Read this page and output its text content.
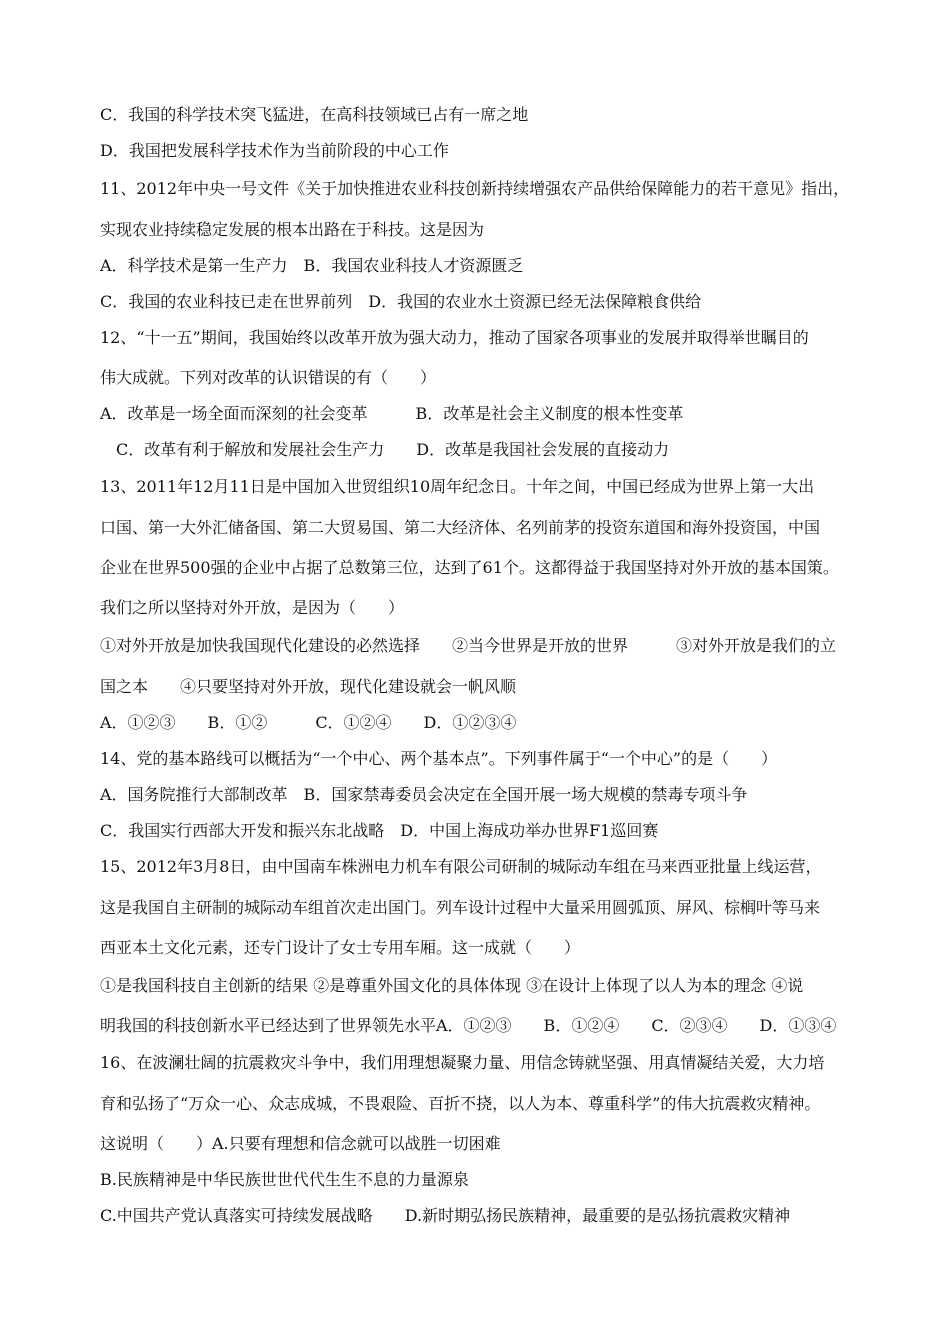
C．我国的科学技术突飞猛进，在高科技领域已占有一席之地
D．我国把发展科学技术作为当前阶段的中心工作
11、2012年中央一号文件《关于加快推进农业科技创新持续增强农产品供给保障能力的若干意见》指出，
实现农业持续稳定发展的根本出路在于科技。这是因为
A．科学技术是第一生产力　B．我国农业科技人才资源匮乏
C．我国的农业科技已走在世界前列　D．我国的农业水土资源已经无法保障粮食供给
12、“十一五”期间，我国始终以改革开放为强大动力，推动了国家各项事业的发展并取得举世瞩目的
伟大成就。下列对改革的认识错误的有（　　）
A．改革是一场全面而深刻的社会变革　　　B．改革是社会主义制度的根本性变革
　C．改革有利于解放和发展社会生产力　　D．改革是我国社会发展的直接动力
13、2011年12月11日是中国加入世贸组织10周年纪念日。十年之间，中国已经成为世界上第一大出
口国、第一大外汇储备国、第二大贸易国、第二大经济体、名列前茅的投资东道国和海外投资国，中国
企业在世界500强的企业中占据了总数第三位，达到了61个。这都得益于我国坚持对外开放的基本国策。
我们之所以坚持对外开放，是因为（　　）
①对外开放是加快我国现代化建设的必然选择　　②当今世界是开放的世界　　　③对外开放是我们的立
国之本　　④只要坚持对外开放，现代化建设就会一帆风顺
A．①②③　　B．①②　　　C．①②④　　D．①②③④
14、党的基本路线可以概括为“一个中心、两个基本点”。下列事件属于“一个中心”的是（　　）
A．国务院推行大部制改革　B．国家禁毒委员会决定在全国开展一场大规模的禁毒专项斗争
C．我国实行西部大开发和振兴东北战略　D．中国上海成功举办世界F1巡回赛
15、2012年3月8日，由中国南车株洲电力机车有限公司研制的城际动车组在马来西亚批量上线运营，
这是我国自主研制的城际动车组首次走出国门。列车设计过程中大量采用圆弧顶、屏风、棕榈叶等马来
西亚本土文化元素，还专门设计了女士专用车厢。这一成就（　　）
①是我国科技自主创新的结果 ②是尊重外国文化的具体体现 ③在设计上体现了以人为本的理念 ④说
明我国的科技创新水平已经达到了世界领先水平A．①②③　　B．①②④　　C．②③④　　D．①③④
16、在波澜壮阔的抗震救灾斗争中，我们用理想凝聚力量、用信念铸就坚强、用真情凝结关爱，大力培
育和弘扬了“万众一心、众志成城，不畏艰险、百折不挠，以人为本、尊重科学”的伟大抗震救灾精神。
这说明（　　）A.只要有理想和信念就可以战胜一切困难
B.民族精神是中华民族世世代代生生不息的力量源泉
C.中国共产党认真落实可持续发展战略　　D.新时期弘扬民族精神，最重要的是弘扬抗震救灾精神
